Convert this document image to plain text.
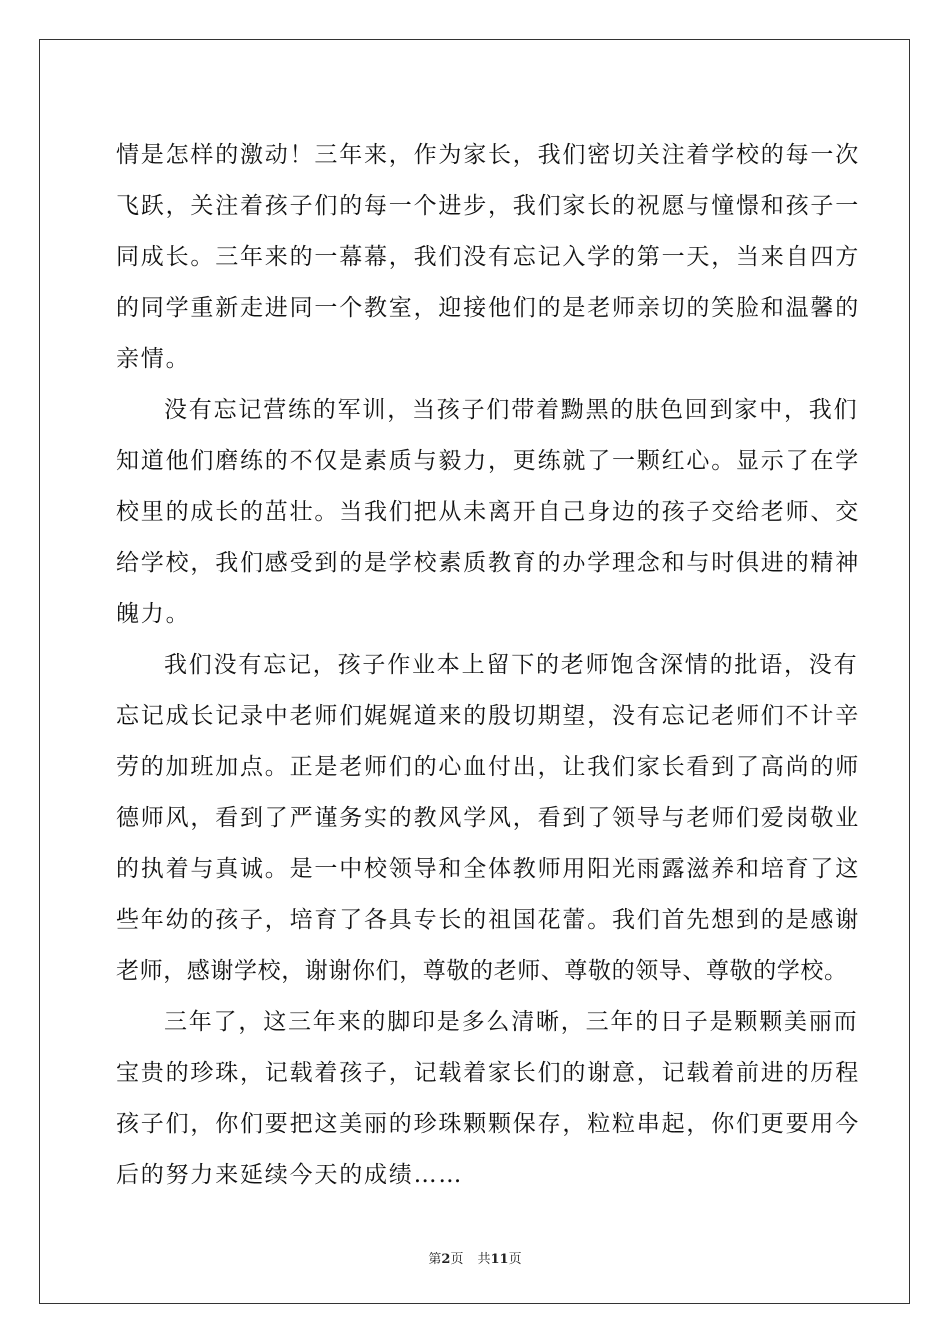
情是怎样的激动！三年来，作为家长，我们密切关注着学校的每一次
飞跃，关注着孩子们的每一个进步，我们家长的祝愿与憧憬和孩子一
同成长。三年来的一幕幕，我们没有忘记入学的第一天，当来自四方
的同学重新走进同一个教室，迎接他们的是老师亲切的笑脸和温馨的
亲情。
没有忘记营练的军训，当孩子们带着黝黑的肤色回到家中，我们
知道他们磨练的不仅是素质与毅力，更练就了一颗红心。显示了在学
校里的成长的茁壮。当我们把从未离开自己身边的孩子交给老师、交
给学校，我们感受到的是学校素质教育的办学理念和与时俱进的精神
魄力。
我们没有忘记，孩子作业本上留下的老师饱含深情的批语，没有
忘记成长记录中老师们娓娓道来的殷切期望，没有忘记老师们不计辛
劳的加班加点。正是老师们的心血付出，让我们家长看到了高尚的师
德师风，看到了严谨务实的教风学风，看到了领导与老师们爱岗敬业
的执着与真诚。是一中校领导和全体教师用阳光雨露滋养和培育了这
些年幼的孩子，培育了各具专长的祖国花蕾。我们首先想到的是感谢
老师，感谢学校，谢谢你们，尊敬的老师、尊敬的领导、尊敬的学校。
三年了，这三年来的脚印是多么清晰，三年的日子是颗颗美丽而
宝贵的珍珠，记载着孩子，记载着家长们的谢意，记载着前进的历程
孩子们，你们要把这美丽的珍珠颗颗保存，粒粒串起，你们更要用今
后的努力来延续今天的成绩……
第2页 共11页
